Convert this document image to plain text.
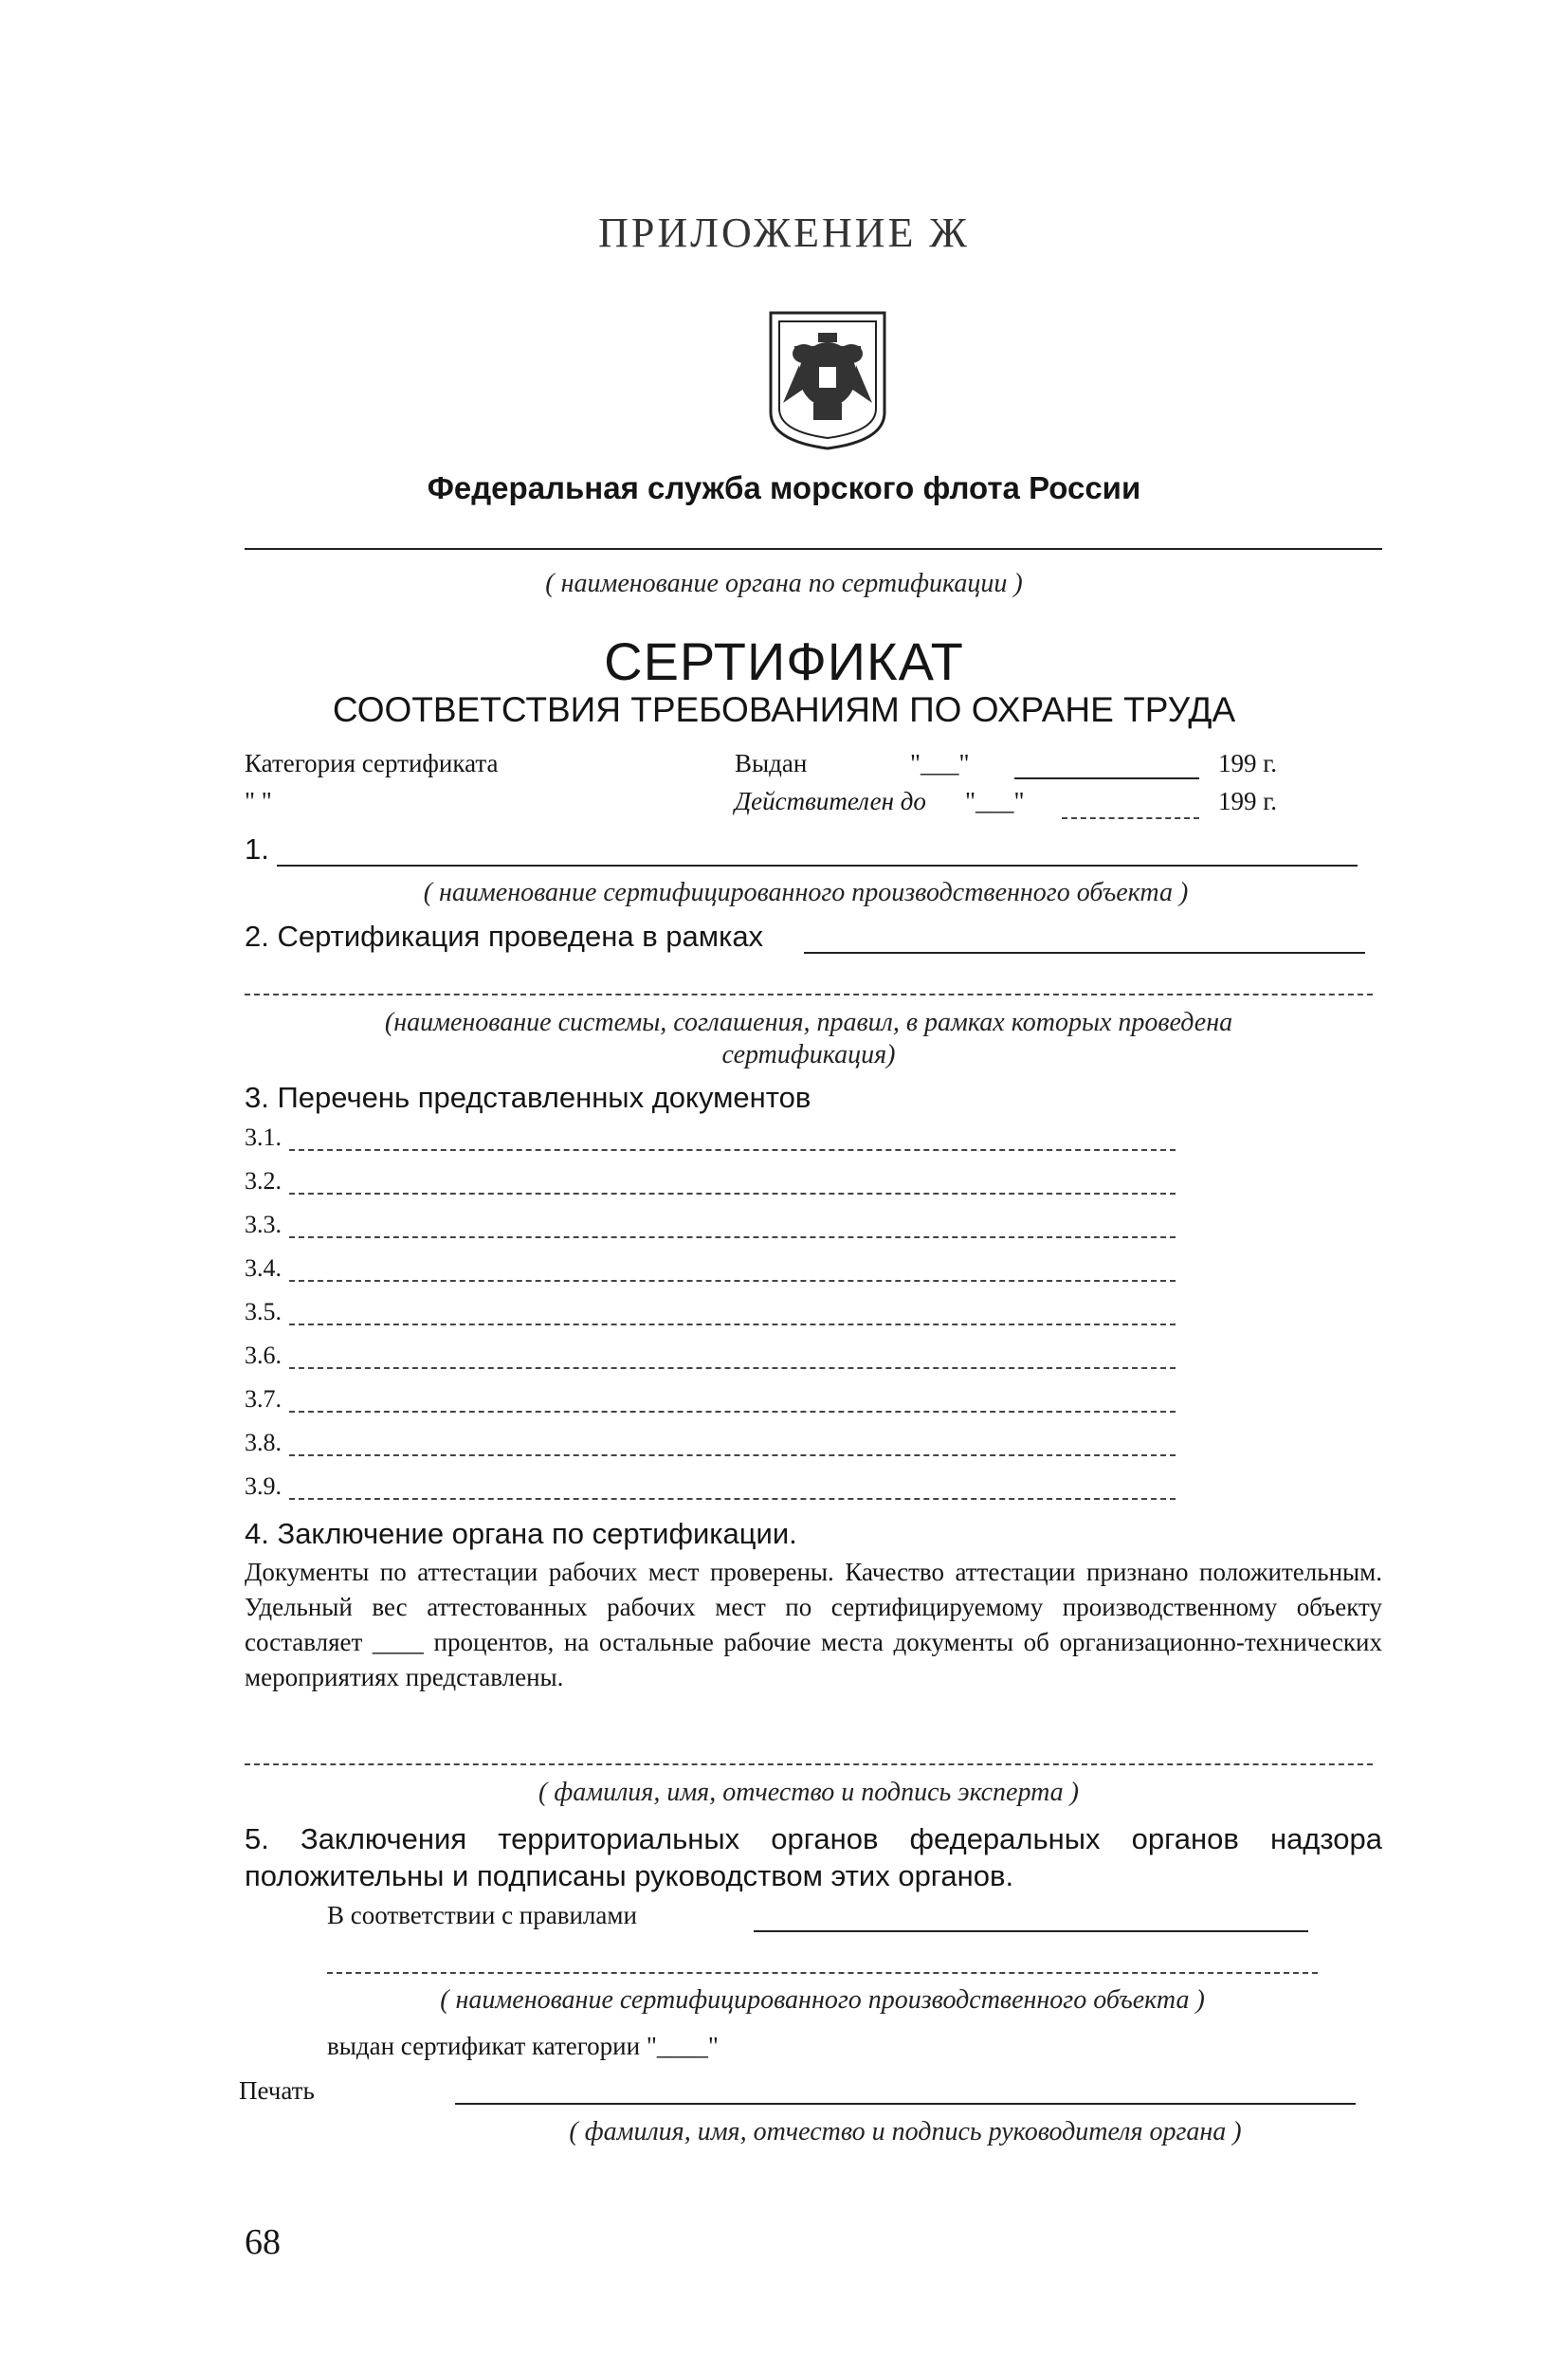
ПРИЛОЖЕНИЕ Ж
Федеральная служба морского флота России
( наименование органа по сертификации )
СЕРТИФИКАТ
СООТВЕТСТВИЯ ТРЕБОВАНИЯМ ПО ОХРАНЕ ТРУДА
Категория сертификата
" "
Выдан	"___"	199 г.
Действителен до "___"	199 г.
1.
( наименование сертифицированного производственного объекта )
2. Сертификация проведена в рамках
(наименование системы, соглашения, правил, в рамках которых проведена
сертификация)
3. Перечень представленных документов
3.1.
3.2.
3.3.
3.4.
3.5.
3.6.
3.7.
3.8.
3.9.
4. Заключение органа по сертификации.
Документы по аттестации рабочих мест проверены. Качество аттестации признано положительным. Удельный вес аттестованных рабочих мест по сертифицируемому производственному объекту составляет ____ процентов, на остальные рабочие места документы об организационно-технических мероприятиях представлены.
( фамилия, имя, отчество и подпись эксперта )
5. Заключения территориальных органов федеральных органов надзора положительны и подписаны руководством этих органов.
В соответствии с правилами
( наименование сертифицированного производственного объекта )
выдан сертификат категории "____"
Печать
( фамилия, имя, отчество и подпись руководителя органа )
68
